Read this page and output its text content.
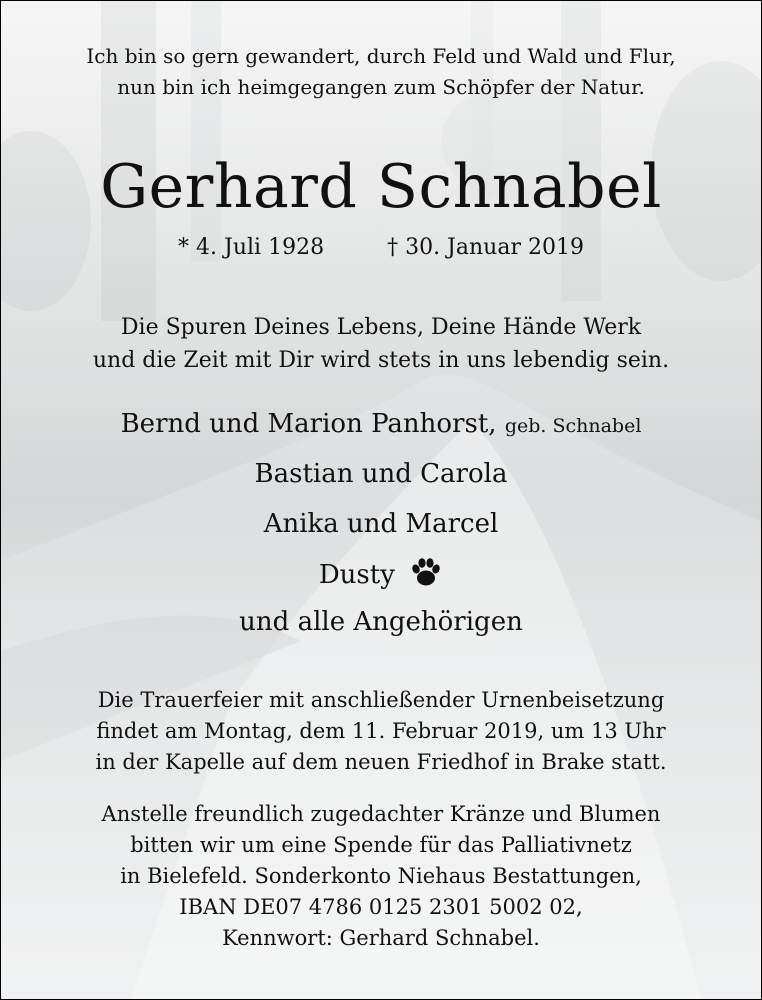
Ich bin so gern gewandert, durch Feld und Wald und Flur,
nun bin ich heimgegangen zum Schöpfer der Natur.
Gerhard Schnabel
* 4. Juli 1928	† 30. Januar 2019
Die Spuren Deines Lebens, Deine Hände Werk
und die Zeit mit Dir wird stets in uns lebendig sein.
Bernd und Marion Panhorst, geb. Schnabel
Bastian und Carola
Anika und Marcel
Dusty
und alle Angehörigen
Die Trauerfeier mit anschließender Urnenbeisetzung
findet am Montag, dem 11. Februar 2019, um 13 Uhr
in der Kapelle auf dem neuen Friedhof in Brake statt.
Anstelle freundlich zugedachter Kränze und Blumen
bitten wir um eine Spende für das Palliativnetz
in Bielefeld. Sonderkonto Niehaus Bestattungen,
IBAN DE07 4786 0125 2301 5002 02,
Kennwort: Gerhard Schnabel.
